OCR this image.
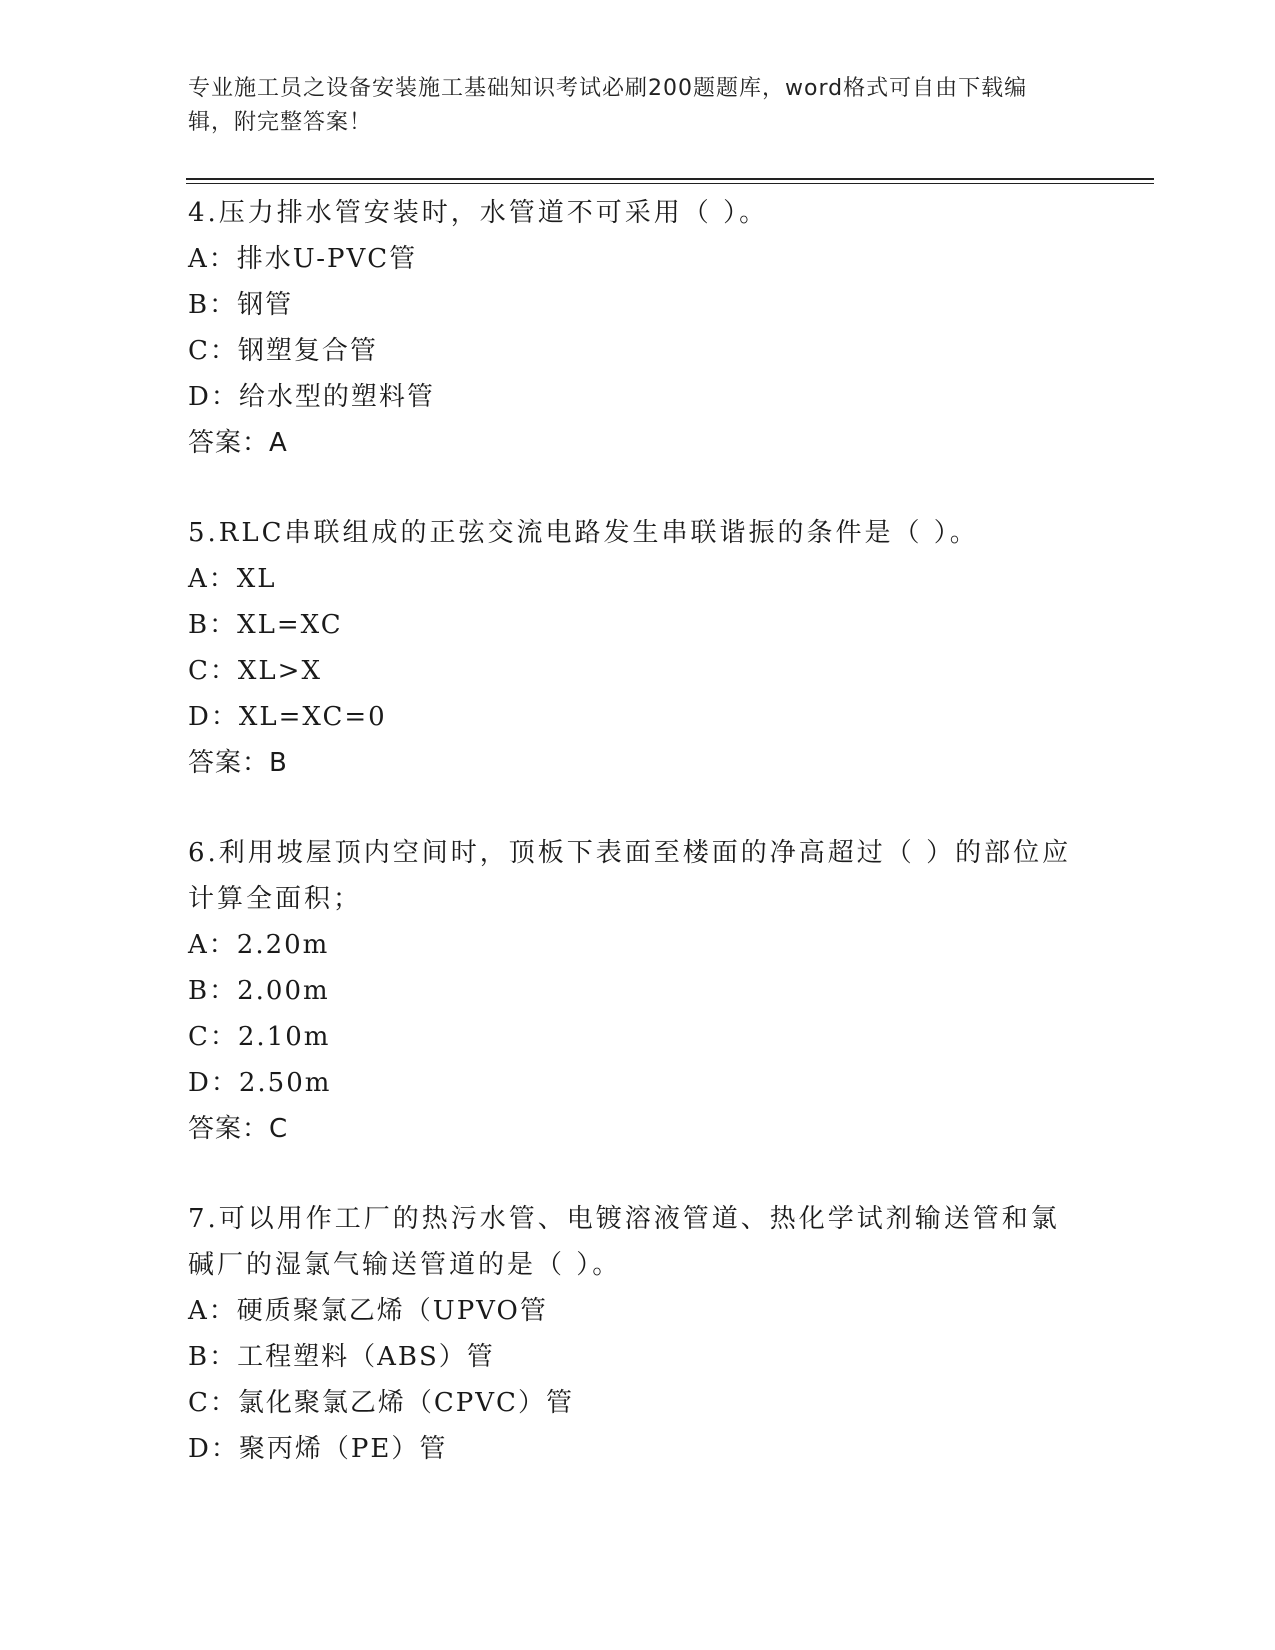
专业施工员之设备安装施工基础知识考试必刷200题题库，word格式可自由下载编辑，附完整答案！

4.压力排水管安装时，水管道不可采用（ ）。

A：排水U-PVC管

B：钢管

C：钢塑复合管

D：给水型的塑料管

答案：A

5.RLC串联组成的正弦交流电路发生串联谐振的条件是（ ）。

A：XL

B：XL=XC

C：XL>X

D：XL=XC=0

答案：B

6.利用坡屋顶内空间时，顶板下表面至楼面的净高超过（ ）的部位应计算全面积；

A：2.20m

B：2.00m

C：2.10m

D：2.50m

答案：C

7.可以用作工厂的热污水管、电镀溶液管道、热化学试剂输送管和氯碱厂的湿氯气输送管道的是（ ）。

A：硬质聚氯乙烯（UPVO管

B：工程塑料（ABS）管

C：氯化聚氯乙烯（CPVC）管

D：聚丙烯（PE）管
